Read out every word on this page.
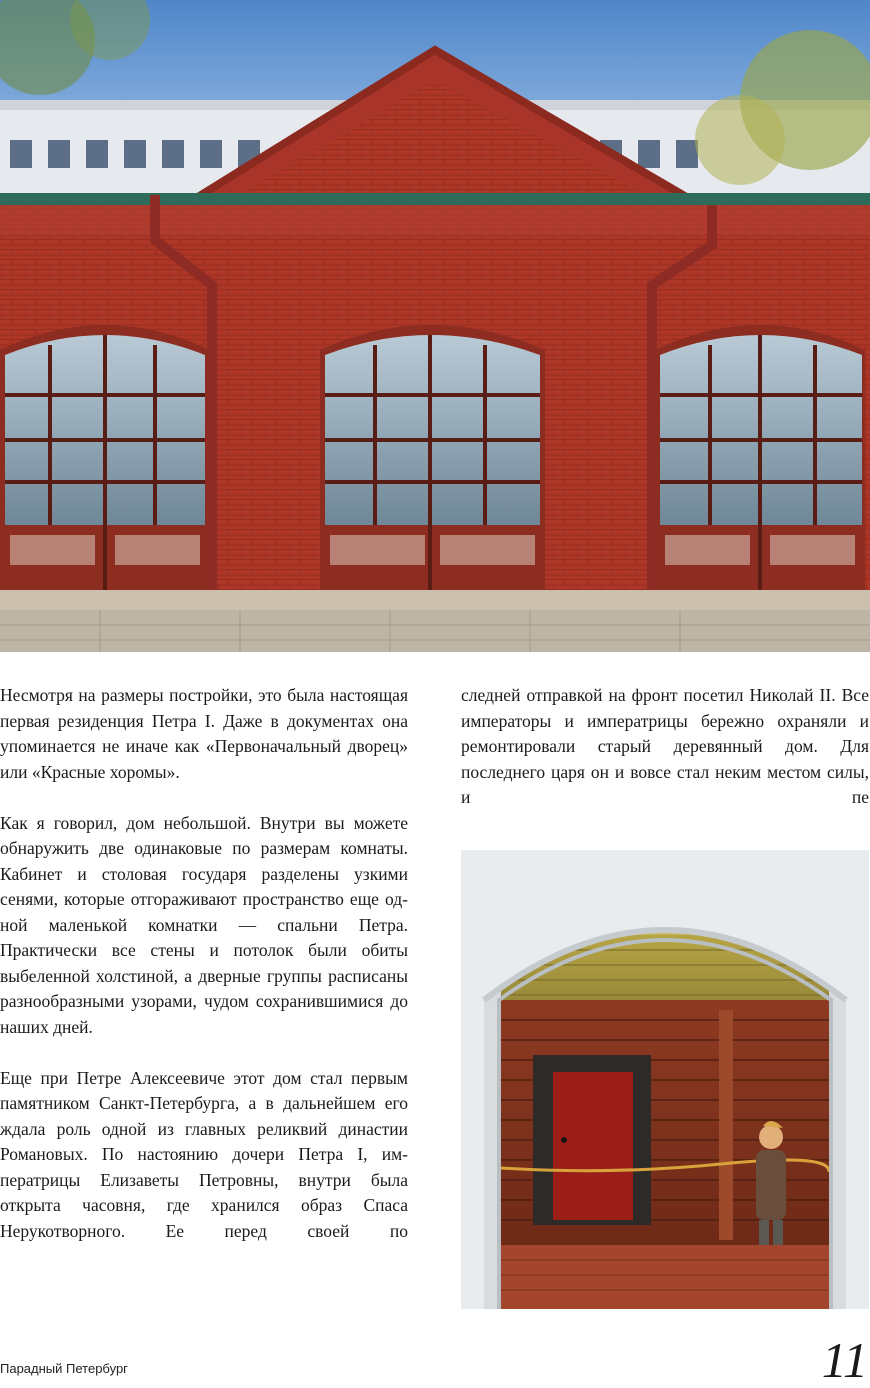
Несмотря на размеры постройки, это была настоящая первая резиденция Петра I. Даже в документах она упоминается не иначе как «Первоначальный дворец» или «Красные хоромы».

Как я говорил, дом небольшой. Внутри вы можете обнаружить две одинаковые по размерам комнаты. Кабинет и столовая государя разделены узкими сенями, которые отгораживают пространство еще одной маленькой комнатки — спальни Петра. Практически все стены и потолок были обиты выбеленной холстиной, а дверные группы расписаны разнообразными узорами, чудом сохранившимися до наших дней.

Еще при Петре Алексеевиче этот дом стал первым памятником Санкт-Петербурга, а в дальнейшем его ждала роль одной из главных реликвий династии Романовых. По настоянию дочери Петра I, императрицы Елизаветы Петровны, внутри была открыта часовня, где хранился образ Спаса Нерукотворного. Ее перед своей по

следней отправкой на фронт посетил Николай II. Все императоры и императрицы бережно охраняли и ремонтировали старый деревянный дом. Для последнего царя он и вовсе стал неким местом силы, и пе

Парадный Петербург	11
